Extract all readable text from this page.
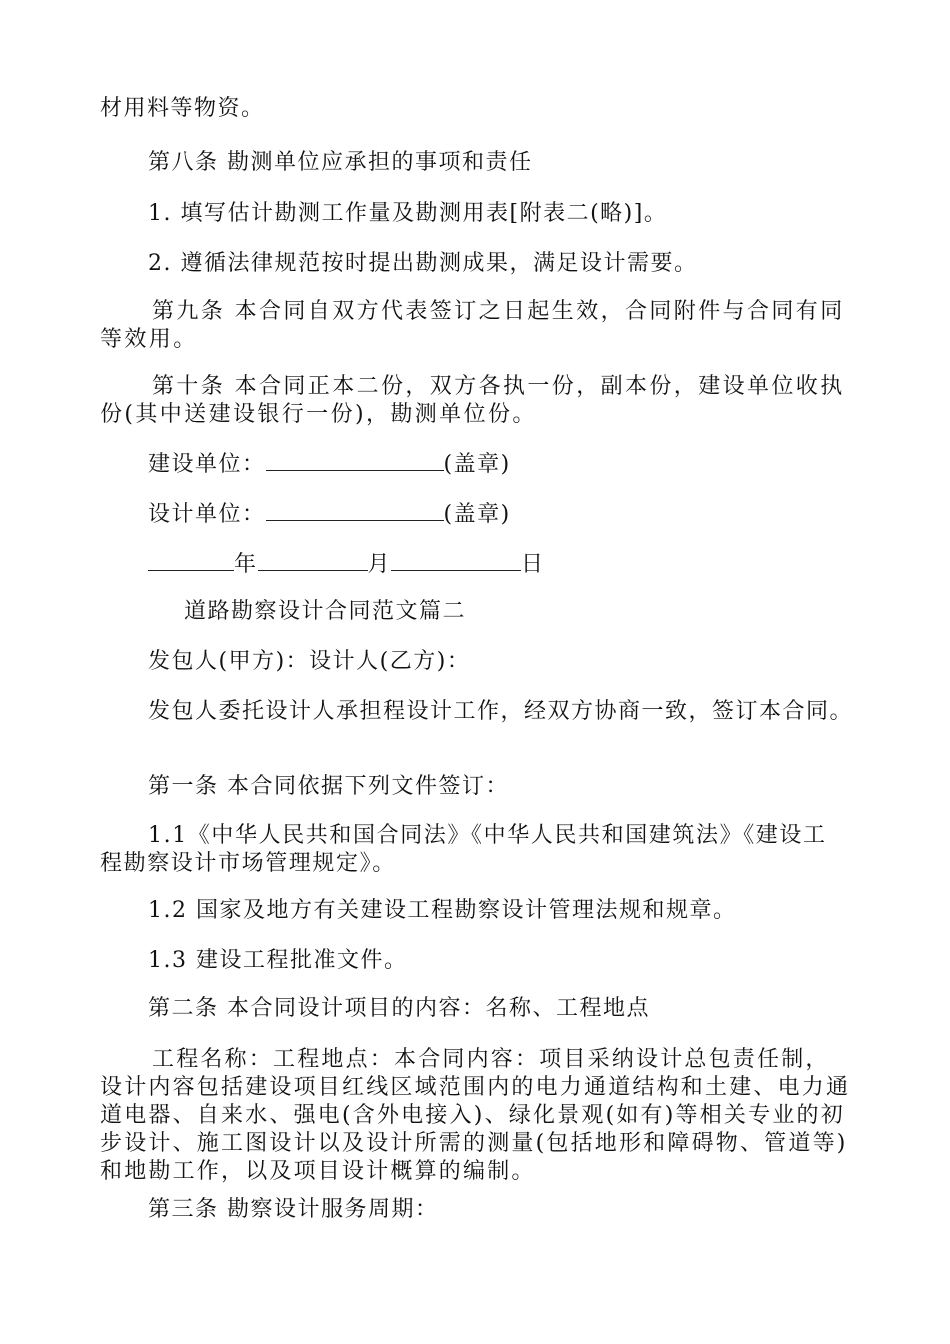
材用料等物资。

第八条 勘测单位应承担的事项和责任

1. 填写估计勘测工作量及勘测用表[附表二(略)]。

2. 遵循法律规范按时提出勘测成果，满足设计需要。

第九条 本合同自双方代表签订之日起生效，合同附件与合同有同等效用。

第十条 本合同正本二份，双方各执一份，副本份，建设单位收执份(其中送建设银行一份)，勘测单位份。

建设单位：	(盖章)

设计单位：	(盖章)

年	月	日

道路勘察设计合同范文篇二

发包人(甲方)：设计人(乙方)：

发包人委托设计人承担程设计工作，经双方协商一致，签订本合同。

第一条 本合同依据下列文件签订：

1.1《中华人民共和国合同法》《中华人民共和国建筑法》《建设工程勘察设计市场管理规定》。

1.2 国家及地方有关建设工程勘察设计管理法规和规章。

1.3 建设工程批准文件。

第二条 本合同设计项目的内容：名称、工程地点

工程名称：工程地点：本合同内容：项目采纳设计总包责任制，设计内容包括建设项目红线区域范围内的电力通道结构和土建、电力通道电器、自来水、强电(含外电接入)、绿化景观(如有)等相关专业的初步设计、施工图设计以及设计所需的测量(包括地形和障碍物、管道等)和地勘工作，以及项目设计概算的编制。

第三条 勘察设计服务周期：
